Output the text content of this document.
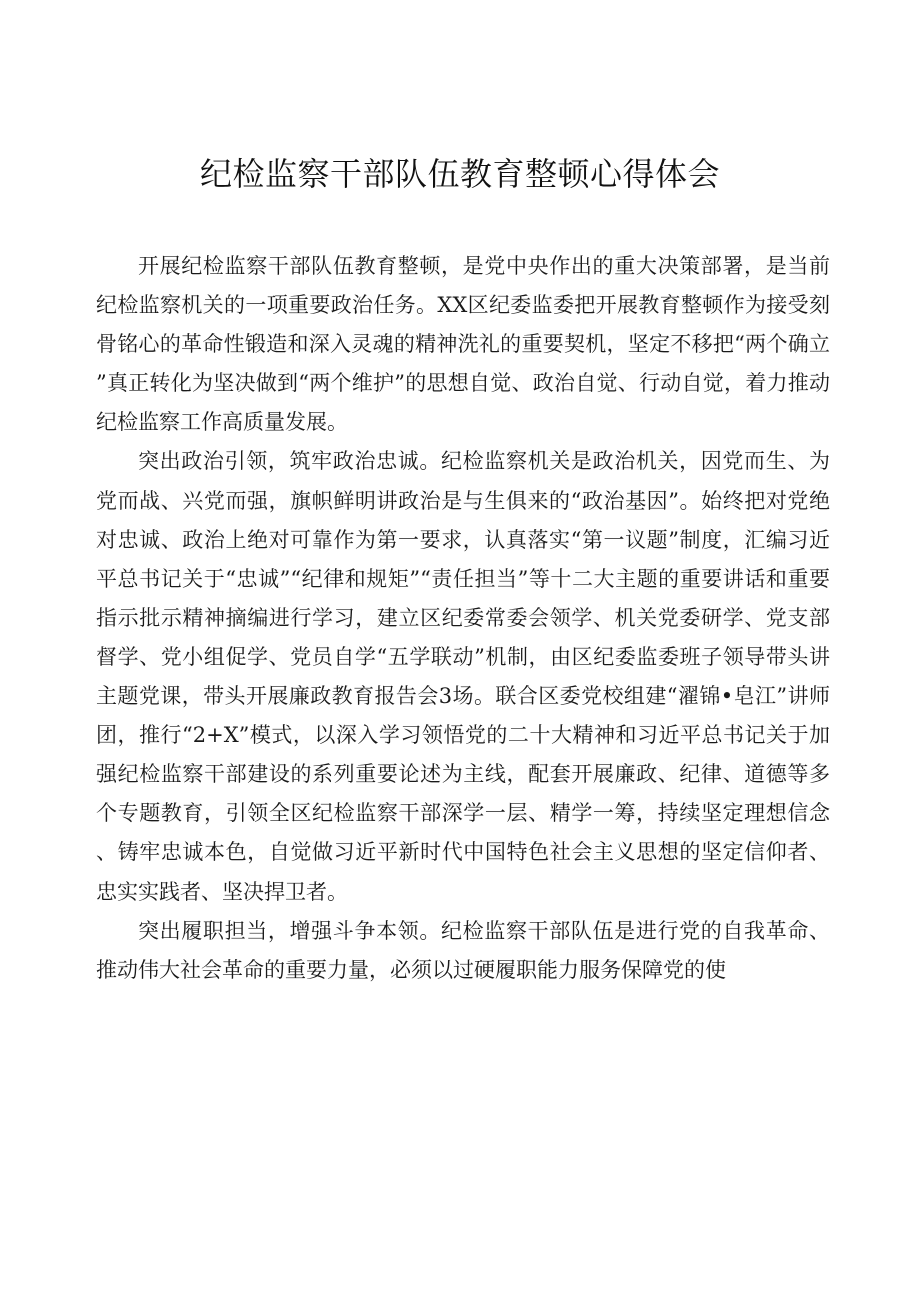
纪检监察干部队伍教育整顿心得体会

开展纪检监察干部队伍教育整顿，是党中央作出的重大决策部署，是当前纪检监察机关的一项重要政治任务。XX区纪委监委把开展教育整顿作为接受刻骨铭心的革命性锻造和深入灵魂的精神洗礼的重要契机，坚定不移把“两个确立”真正转化为坚决做到“两个维护”的思想自觉、政治自觉、行动自觉，着力推动纪检监察工作高质量发展。

突出政治引领，筑牢政治忠诚。纪检监察机关是政治机关，因党而生、为党而战、兴党而强，旗帜鲜明讲政治是与生俱来的“政治基因”。始终把对党绝对忠诚、政治上绝对可靠作为第一要求，认真落实“第一议题”制度，汇编习近平总书记关于“忠诚”“纪律和规矩”“责任担当”等十二大主题的重要讲话和重要指示批示精神摘编进行学习，建立区纪委常委会领学、机关党委研学、党支部督学、党小组促学、党员自学“五学联动”机制，由区纪委监委班子领导带头讲主题党课，带头开展廉政教育报告会3场。联合区委党校组建“濯锦•皂江”讲师团，推行“2+X”模式，以深入学习领悟党的二十大精神和习近平总书记关于加强纪检监察干部建设的系列重要论述为主线，配套开展廉政、纪律、道德等多个专题教育，引领全区纪检监察干部深学一层、精学一筹，持续坚定理想信念、铸牢忠诚本色，自觉做习近平新时代中国特色社会主义思想的坚定信仰者、忠实实践者、坚决捍卫者。

突出履职担当，增强斗争本领。纪检监察干部队伍是进行党的自我革命、推动伟大社会革命的重要力量，必须以过硬履职能力服务保障党的使
